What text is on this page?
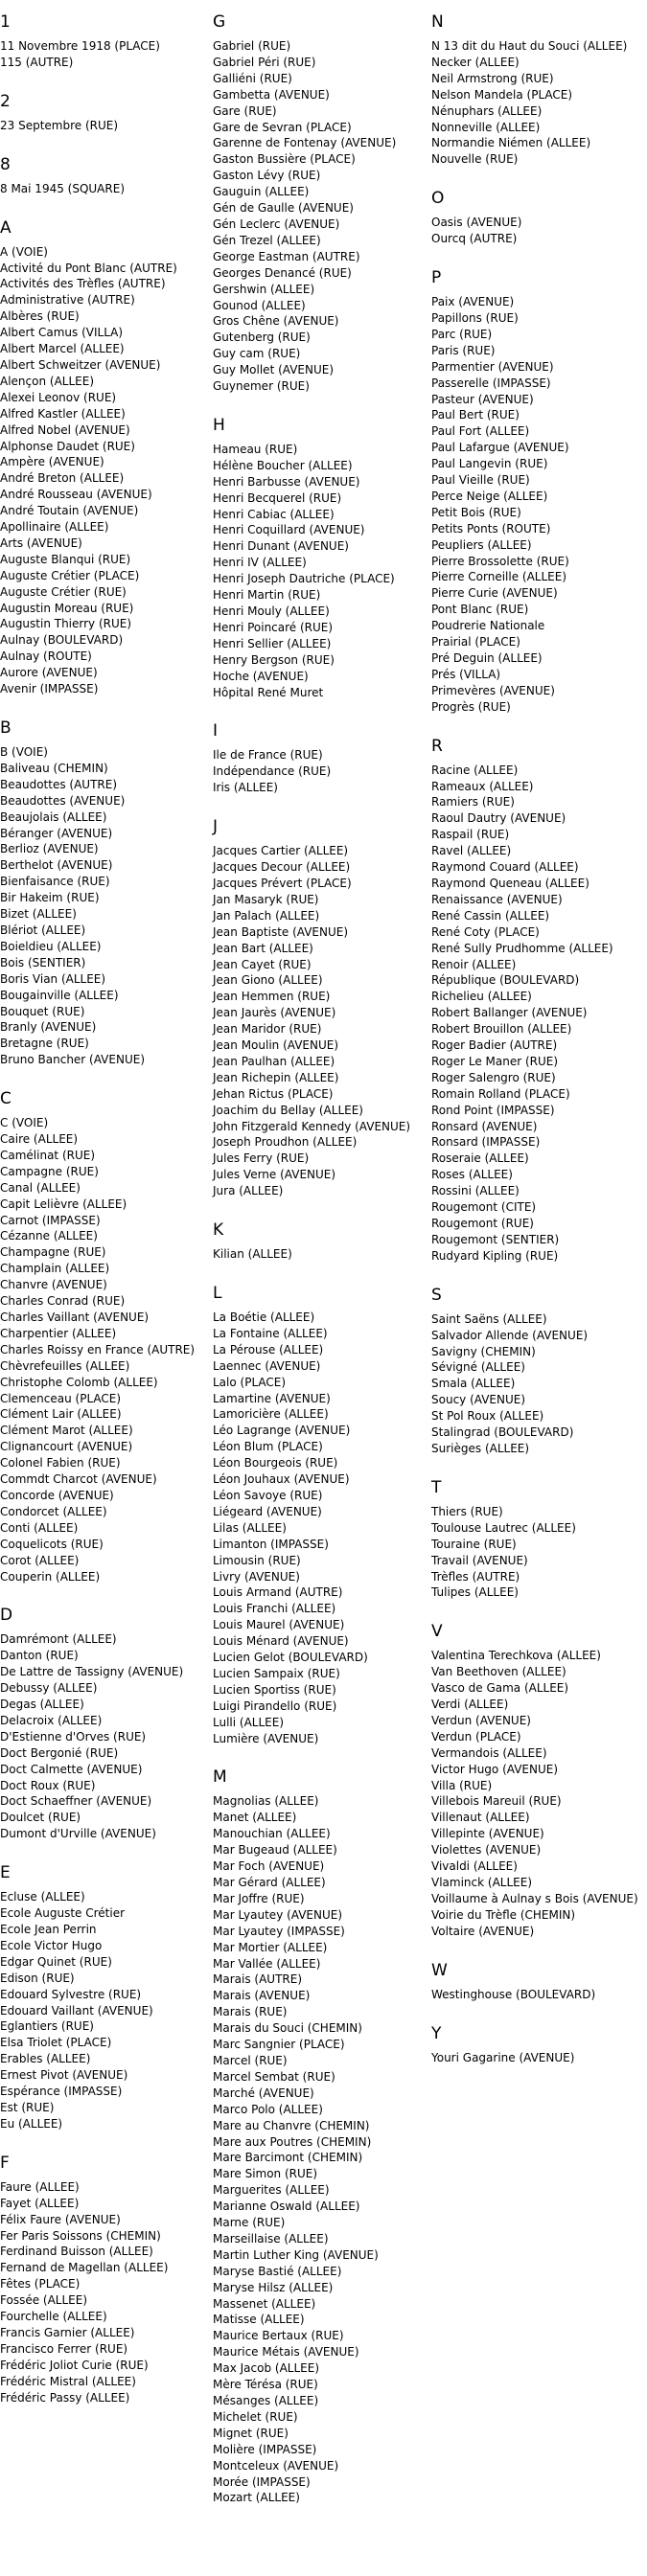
1
11 Novembre 1918 (PLACE)
115 (AUTRE)
2
23 Septembre (RUE)
8
8 Mai 1945 (SQUARE)
A
A (VOIE)
Activité du Pont Blanc (AUTRE)
Activités des Trèfles (AUTRE)
Administrative (AUTRE)
Albères (RUE)
Albert Camus (VILLA)
Albert Marcel (ALLEE)
Albert Schweitzer (AVENUE)
Alençon (ALLEE)
Alexei Leonov (RUE)
Alfred Kastler (ALLEE)
Alfred Nobel (AVENUE)
Alphonse Daudet (RUE)
Ampère (AVENUE)
André Breton (ALLEE)
André Rousseau (AVENUE)
André Toutain (AVENUE)
Apollinaire (ALLEE)
Arts (AVENUE)
Auguste Blanqui (RUE)
Auguste Crétier (PLACE)
Auguste Crétier (RUE)
Augustin Moreau (RUE)
Augustin Thierry (RUE)
Aulnay (BOULEVARD)
Aulnay (ROUTE)
Aurore (AVENUE)
Avenir (IMPASSE)
B
B (VOIE)
Baliveau (CHEMIN)
Beaudottes (AUTRE)
Beaudottes (AVENUE)
Beaujolais (ALLEE)
Béranger (AVENUE)
Berlioz (AVENUE)
Berthelot (AVENUE)
Bienfaisance (RUE)
Bir Hakeim (RUE)
Bizet (ALLEE)
Blériot (ALLEE)
Boieldieu (ALLEE)
Bois (SENTIER)
Boris Vian (ALLEE)
Bougainville (ALLEE)
Bouquet (RUE)
Branly (AVENUE)
Bretagne (RUE)
Bruno Bancher (AVENUE)
C
C (VOIE)
Caire (ALLEE)
Camélinat (RUE)
Campagne (RUE)
Canal (ALLEE)
Capit Lelièvre (ALLEE)
Carnot (IMPASSE)
Cézanne (ALLEE)
Champagne (RUE)
Champlain (ALLEE)
Chanvre (AVENUE)
Charles Conrad (RUE)
Charles Vaillant (AVENUE)
Charpentier (ALLEE)
Charles Roissy en France (AUTRE)
Chèvrefeuilles (ALLEE)
Christophe Colomb (ALLEE)
Clemenceau (PLACE)
Clément Lair (ALLEE)
Clément Marot (ALLEE)
Clignancourt (AVENUE)
Colonel Fabien (RUE)
Commdt Charcot (AVENUE)
Concorde (AVENUE)
Condorcet (ALLEE)
Conti (ALLEE)
Coquelicots (RUE)
Corot (ALLEE)
Couperin (ALLEE)
D
Damrémont (ALLEE)
Danton (RUE)
De Lattre de Tassigny (AVENUE)
Debussy (ALLEE)
Degas (ALLEE)
Delacroix (ALLEE)
D'Estienne d'Orves (RUE)
Doct Bergonié (RUE)
Doct Calmette (AVENUE)
Doct Roux (RUE)
Doct Schaeffner (AVENUE)
Doulcet (RUE)
Dumont d'Urville (AVENUE)
E
Ecluse (ALLEE)
Ecole Auguste Crétier
Ecole Jean Perrin
Ecole Victor Hugo
Edgar Quinet (RUE)
Edison (RUE)
Edouard Sylvestre (RUE)
Edouard Vaillant (AVENUE)
Eglantiers (RUE)
Elsa Triolet (PLACE)
Erables (ALLEE)
Ernest Pivot (AVENUE)
Espérance (IMPASSE)
Est (RUE)
Eu (ALLEE)
F
Faure (ALLEE)
Fayet (ALLEE)
Félix Faure (AVENUE)
Fer Paris Soissons (CHEMIN)
Ferdinand Buisson (ALLEE)
Fernand de Magellan (ALLEE)
Fêtes (PLACE)
Fossée (ALLEE)
Fourchelle (ALLEE)
Francis Garnier (ALLEE)
Francisco Ferrer (RUE)
Frédéric Joliot Curie (RUE)
Frédéric Mistral (ALLEE)
Frédéric Passy (ALLEE)
G
Gabriel (RUE)
Gabriel Péri (RUE)
Galliéni (RUE)
Gambetta (AVENUE)
Gare (RUE)
Gare de Sevran (PLACE)
Garenne de Fontenay (AVENUE)
Gaston Bussière (PLACE)
Gaston Lévy (RUE)
Gauguin (ALLEE)
Gén de Gaulle (AVENUE)
Gén Leclerc (AVENUE)
Gén Trezel (ALLEE)
George Eastman (AUTRE)
Georges Denancé (RUE)
Gershwin (ALLEE)
Gounod (ALLEE)
Gros Chêne (AVENUE)
Gutenberg (RUE)
Guy cam (RUE)
Guy Mollet (AVENUE)
Guynemer (RUE)
H
Hameau (RUE)
Hélène Boucher (ALLEE)
Henri Barbusse (AVENUE)
Henri Becquerel (RUE)
Henri Cabiac (ALLEE)
Henri Coquillard (AVENUE)
Henri Dunant (AVENUE)
Henri IV (ALLEE)
Henri Joseph Dautriche (PLACE)
Henri Martin (RUE)
Henri Mouly (ALLEE)
Henri Poincaré (RUE)
Henri Sellier (ALLEE)
Henry Bergson (RUE)
Hoche (AVENUE)
Hôpital René Muret
I
Ile de France (RUE)
Indépendance (RUE)
Iris (ALLEE)
J
Jacques Cartier (ALLEE)
Jacques Decour (ALLEE)
Jacques Prévert (PLACE)
Jan Masaryk (RUE)
Jan Palach (ALLEE)
Jean Baptiste (AVENUE)
Jean Bart (ALLEE)
Jean Cayet (RUE)
Jean Giono (ALLEE)
Jean Hemmen (RUE)
Jean Jaurès (AVENUE)
Jean Maridor (RUE)
Jean Moulin (AVENUE)
Jean Paulhan (ALLEE)
Jean Richepin (ALLEE)
Jehan Rictus (PLACE)
Joachim du Bellay (ALLEE)
John Fitzgerald Kennedy (AVENUE)
Joseph Proudhon (ALLEE)
Jules Ferry (RUE)
Jules Verne (AVENUE)
Jura (ALLEE)
K
Kilian (ALLEE)
L
La Boétie (ALLEE)
La Fontaine (ALLEE)
La Pérouse (ALLEE)
Laennec (AVENUE)
Lalo (PLACE)
Lamartine (AVENUE)
Lamoricière (ALLEE)
Léo Lagrange (AVENUE)
Léon Blum (PLACE)
Léon Bourgeois (RUE)
Léon Jouhaux (AVENUE)
Léon Savoye (RUE)
Liégeard (AVENUE)
Lilas (ALLEE)
Limanton (IMPASSE)
Limousin (RUE)
Livry (AVENUE)
Louis Armand (AUTRE)
Louis Franchi (ALLEE)
Louis Maurel (AVENUE)
Louis Ménard (AVENUE)
Lucien Gelot (BOULEVARD)
Lucien Sampaix (RUE)
Lucien Sportiss (RUE)
Luigi Pirandello (RUE)
Lulli (ALLEE)
Lumière (AVENUE)
M
Magnolias (ALLEE)
Manet (ALLEE)
Manouchian (ALLEE)
Mar Bugeaud (ALLEE)
Mar Foch (AVENUE)
Mar Gérard (ALLEE)
Mar Joffre (RUE)
Mar Lyautey (AVENUE)
Mar Lyautey (IMPASSE)
Mar Mortier (ALLEE)
Mar Vallée (ALLEE)
Marais (AUTRE)
Marais (AVENUE)
Marais (RUE)
Marais du Souci (CHEMIN)
Marc Sangnier (PLACE)
Marcel (RUE)
Marcel Sembat (RUE)
Marché (AVENUE)
Marco Polo (ALLEE)
Mare au Chanvre (CHEMIN)
Mare aux Poutres (CHEMIN)
Mare Barcimont (CHEMIN)
Mare Simon (RUE)
Marguerites (ALLEE)
Marianne Oswald (ALLEE)
Marne (RUE)
Marseillaise (ALLEE)
Martin Luther King (AVENUE)
Maryse Bastié (ALLEE)
Maryse Hilsz (ALLEE)
Massenet (ALLEE)
Matisse (ALLEE)
Maurice Bertaux (RUE)
Maurice Métais (AVENUE)
Max Jacob (ALLEE)
Mère Térésa (RUE)
Mésanges (ALLEE)
Michelet (RUE)
Mignet (RUE)
Molière (IMPASSE)
Montceleux (AVENUE)
Morée (IMPASSE)
Mozart (ALLEE)
N
N 13 dit du Haut du Souci (ALLEE)
Necker (ALLEE)
Neil Armstrong (RUE)
Nelson Mandela (PLACE)
Nénuphars (ALLEE)
Nonneville (ALLEE)
Normandie Niémen (ALLEE)
Nouvelle (RUE)
O
Oasis (AVENUE)
Ourcq (AUTRE)
P
Paix (AVENUE)
Papillons (RUE)
Parc (RUE)
Paris (RUE)
Parmentier (AVENUE)
Passerelle (IMPASSE)
Pasteur (AVENUE)
Paul Bert (RUE)
Paul Fort (ALLEE)
Paul Lafargue (AVENUE)
Paul Langevin (RUE)
Paul Vieille (RUE)
Perce Neige (ALLEE)
Petit Bois (RUE)
Petits Ponts (ROUTE)
Peupliers (ALLEE)
Pierre Brossolette (RUE)
Pierre Corneille (ALLEE)
Pierre Curie (AVENUE)
Pont Blanc (RUE)
Poudrerie Nationale
Prairial (PLACE)
Pré Deguin (ALLEE)
Prés (VILLA)
Primevères (AVENUE)
Progrès (RUE)
R
Racine (ALLEE)
Rameaux (ALLEE)
Ramiers (RUE)
Raoul Dautry (AVENUE)
Raspail (RUE)
Ravel (ALLEE)
Raymond Couard (ALLEE)
Raymond Queneau (ALLEE)
Renaissance (AVENUE)
René Cassin (ALLEE)
René Coty (PLACE)
René Sully Prudhomme (ALLEE)
Renoir (ALLEE)
République (BOULEVARD)
Richelieu (ALLEE)
Robert Ballanger (AVENUE)
Robert Brouillon (ALLEE)
Roger Badier (AUTRE)
Roger Le Maner (RUE)
Roger Salengro (RUE)
Romain Rolland (PLACE)
Rond Point (IMPASSE)
Ronsard (AVENUE)
Ronsard (IMPASSE)
Roseraie (ALLEE)
Roses (ALLEE)
Rossini (ALLEE)
Rougemont (CITE)
Rougemont (RUE)
Rougemont (SENTIER)
Rudyard Kipling (RUE)
S
Saint Saëns (ALLEE)
Salvador Allende (AVENUE)
Savigny (CHEMIN)
Sévigné (ALLEE)
Smala (ALLEE)
Soucy (AVENUE)
St Pol Roux (ALLEE)
Stalingrad (BOULEVARD)
Surièges (ALLEE)
T
Thiers (RUE)
Toulouse Lautrec (ALLEE)
Touraine (RUE)
Travail (AVENUE)
Trèfles (AUTRE)
Tulipes (ALLEE)
V
Valentina Terechkova (ALLEE)
Van Beethoven (ALLEE)
Vasco de Gama (ALLEE)
Verdi (ALLEE)
Verdun (AVENUE)
Verdun (PLACE)
Vermandois (ALLEE)
Victor Hugo (AVENUE)
Villa (RUE)
Villebois Mareuil (RUE)
Villenaut (ALLEE)
Villepinte (AVENUE)
Violettes (AVENUE)
Vivaldi (ALLEE)
Vlaminck (ALLEE)
Voillaume à Aulnay s Bois (AVENUE)
Voirie du Trèfle (CHEMIN)
Voltaire (AVENUE)
W
Westinghouse (BOULEVARD)
Y
Youri Gagarine (AVENUE)
